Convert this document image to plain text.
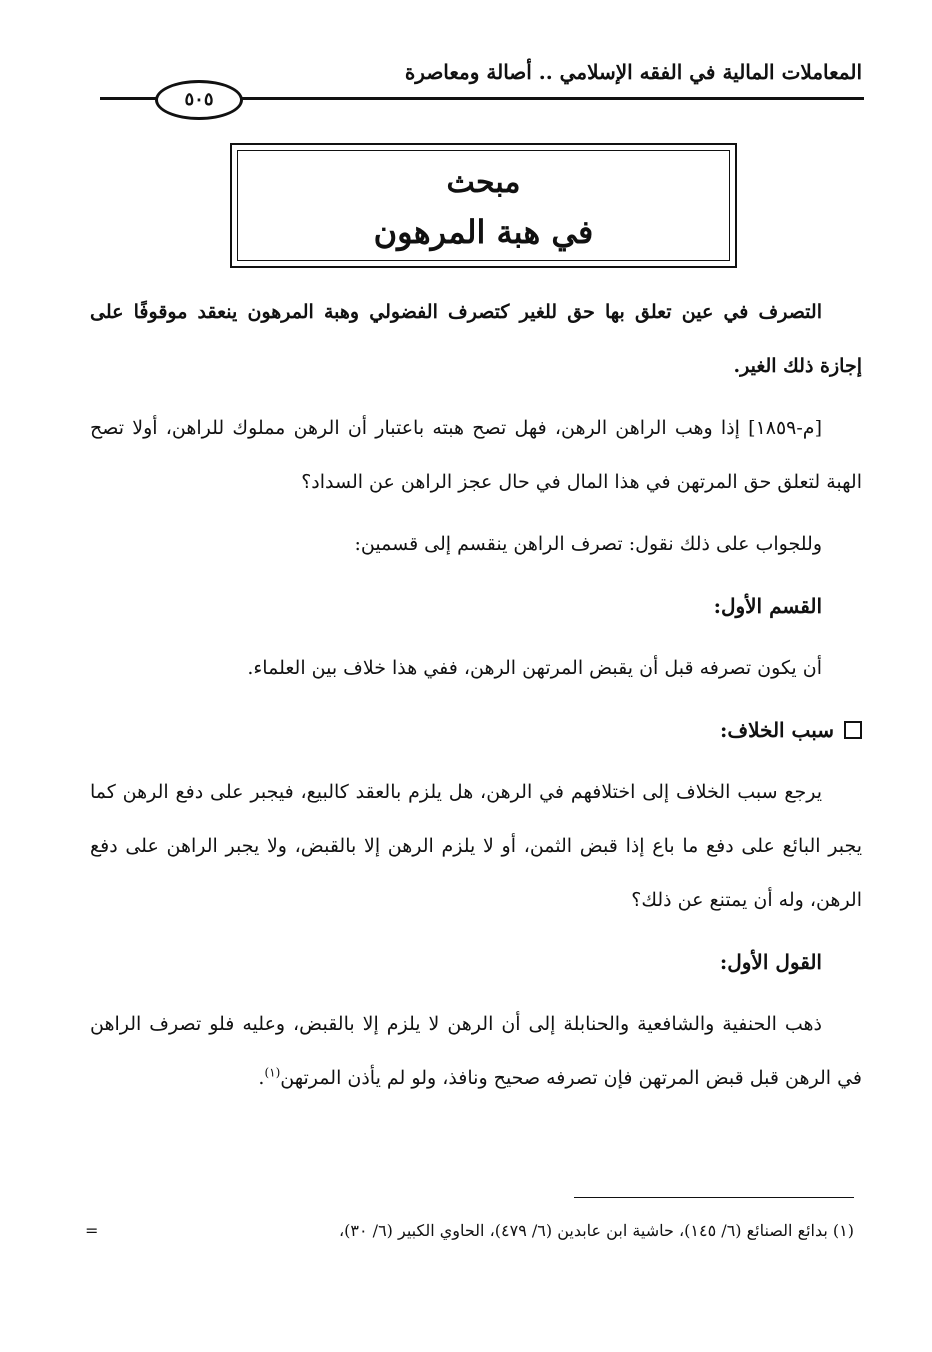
المعاملات المالية في الفقه الإسلامي .. أصالة ومعاصرة
٥٠٥
مبحث
في هبة المرهون

التصرف في عين تعلق بها حق للغير كتصرف الفضولي وهبة المرهون ينعقد موقوفًا على إجازة ذلك الغير.

[م-١٨٥٩] إذا وهب الراهن الرهن، فهل تصح هبته باعتبار أن الرهن مملوك للراهن، أولا تصح الهبة لتعلق حق المرتهن في هذا المال في حال عجز الراهن عن السداد؟

وللجواب على ذلك نقول: تصرف الراهن ينقسم إلى قسمين:

القسم الأول:

أن يكون تصرفه قبل أن يقبض المرتهن الرهن، ففي هذا خلاف بين العلماء.

سبب الخلاف:

يرجع سبب الخلاف إلى اختلافهم في الرهن، هل يلزم بالعقد كالبيع، فيجبر على دفع الرهن كما يجبر البائع على دفع ما باع إذا قبض الثمن، أو لا يلزم الرهن إلا بالقبض، ولا يجبر الراهن على دفع الرهن، وله أن يمتنع عن ذلك؟

القول الأول:

ذهب الحنفية والشافعية والحنابلة إلى أن الرهن لا يلزم إلا بالقبض، وعليه فلو تصرف الراهن في الرهن قبل قبض المرتهن فإن تصرفه صحيح ونافذ، ولو لم يأذن المرتهن$^{(١)}$.

(١) بدائع الصنائع (٦/ ١٤٥)، حاشية ابن عابدين (٦/ ٤٧٩)، الحاوي الكبير (٦/ ٣٠)،
=
